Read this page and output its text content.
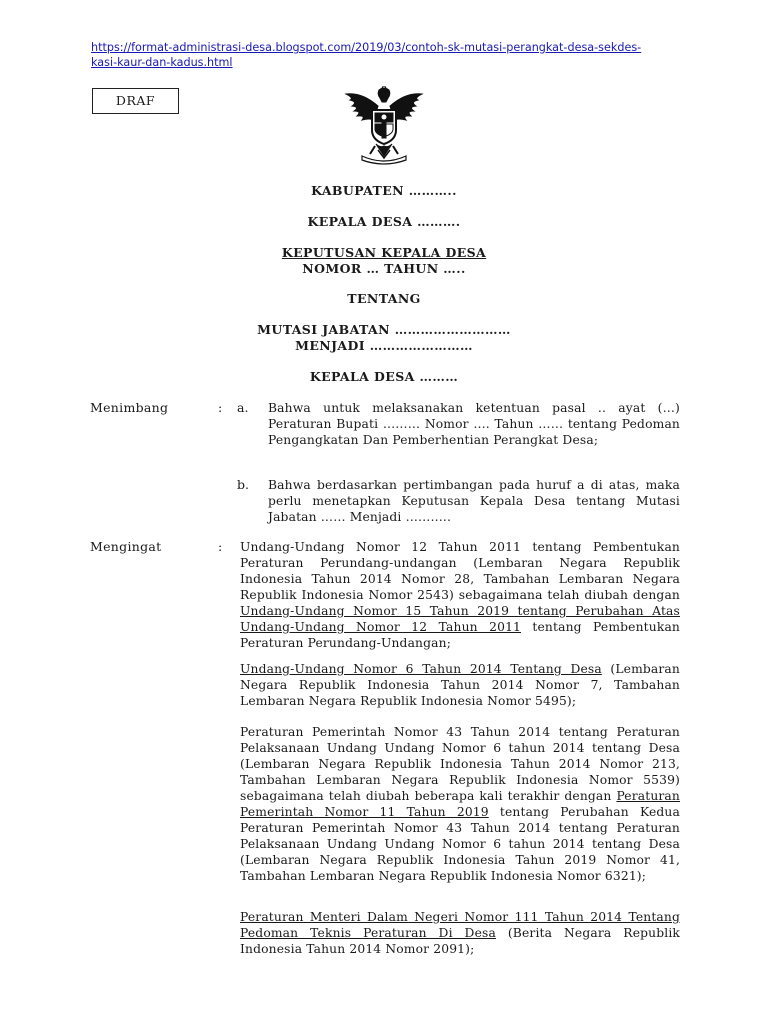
https://format-administrasi-desa.blogspot.com/2019/03/contoh-sk-mutasi-perangkat-desa-sekdes-
kasi-kaur-dan-kadus.html
DRAF
KABUPATEN ………..
KEPALA DESA ……….
KEPUTUSAN KEPALA DESA
NOMOR … TAHUN …..
TENTANG
MUTASI JABATAN ………………………
MENJADI ……………………
KEPALA DESA ………
Menimbang	: a. Bahwa untuk melaksanakan ketentuan pasal .. ayat (…) Peraturan Bupati ……… Nomor …. Tahun …… tentang Pedoman Pengangkatan Dan Pemberhentian Perangkat Desa;
b. Bahwa berdasarkan pertimbangan pada huruf a di atas, maka perlu menetapkan Keputusan Kepala Desa tentang Mutasi Jabatan …… Menjadi ………..
Mengingat	: Undang-Undang Nomor 12 Tahun 2011 tentang Pembentukan Peraturan Perundang-undangan (Lembaran Negara Republik Indonesia Tahun 2014 Nomor 28, Tambahan Lembaran Negara Republik Indonesia Nomor 2543) sebagaimana telah diubah dengan Undang-Undang Nomor 15 Tahun 2019 tentang Perubahan Atas Undang-Undang Nomor 12 Tahun 2011 tentang Pembentukan Peraturan Perundang-Undangan;
Undang-Undang Nomor 6 Tahun 2014 Tentang Desa (Lembaran Negara Republik Indonesia Tahun 2014 Nomor 7, Tambahan Lembaran Negara Republik Indonesia Nomor 5495);
Peraturan Pemerintah Nomor 43 Tahun 2014 tentang Peraturan Pelaksanaan Undang Undang Nomor 6 tahun 2014 tentang Desa (Lembaran Negara Republik Indonesia Tahun 2014 Nomor 213, Tambahan Lembaran Negara Republik Indonesia Nomor 5539) sebagaimana telah diubah beberapa kali terakhir dengan Peraturan Pemerintah Nomor 11 Tahun 2019 tentang Perubahan Kedua Peraturan Pemerintah Nomor 43 Tahun 2014 tentang Peraturan Pelaksanaan Undang Undang Nomor 6 tahun 2014 tentang Desa (Lembaran Negara Republik Indonesia Tahun 2019 Nomor 41, Tambahan Lembaran Negara Republik Indonesia Nomor 6321);
Peraturan Menteri Dalam Negeri Nomor 111 Tahun 2014 Tentang Pedoman Teknis Peraturan Di Desa (Berita Negara Republik Indonesia Tahun 2014 Nomor 2091);
